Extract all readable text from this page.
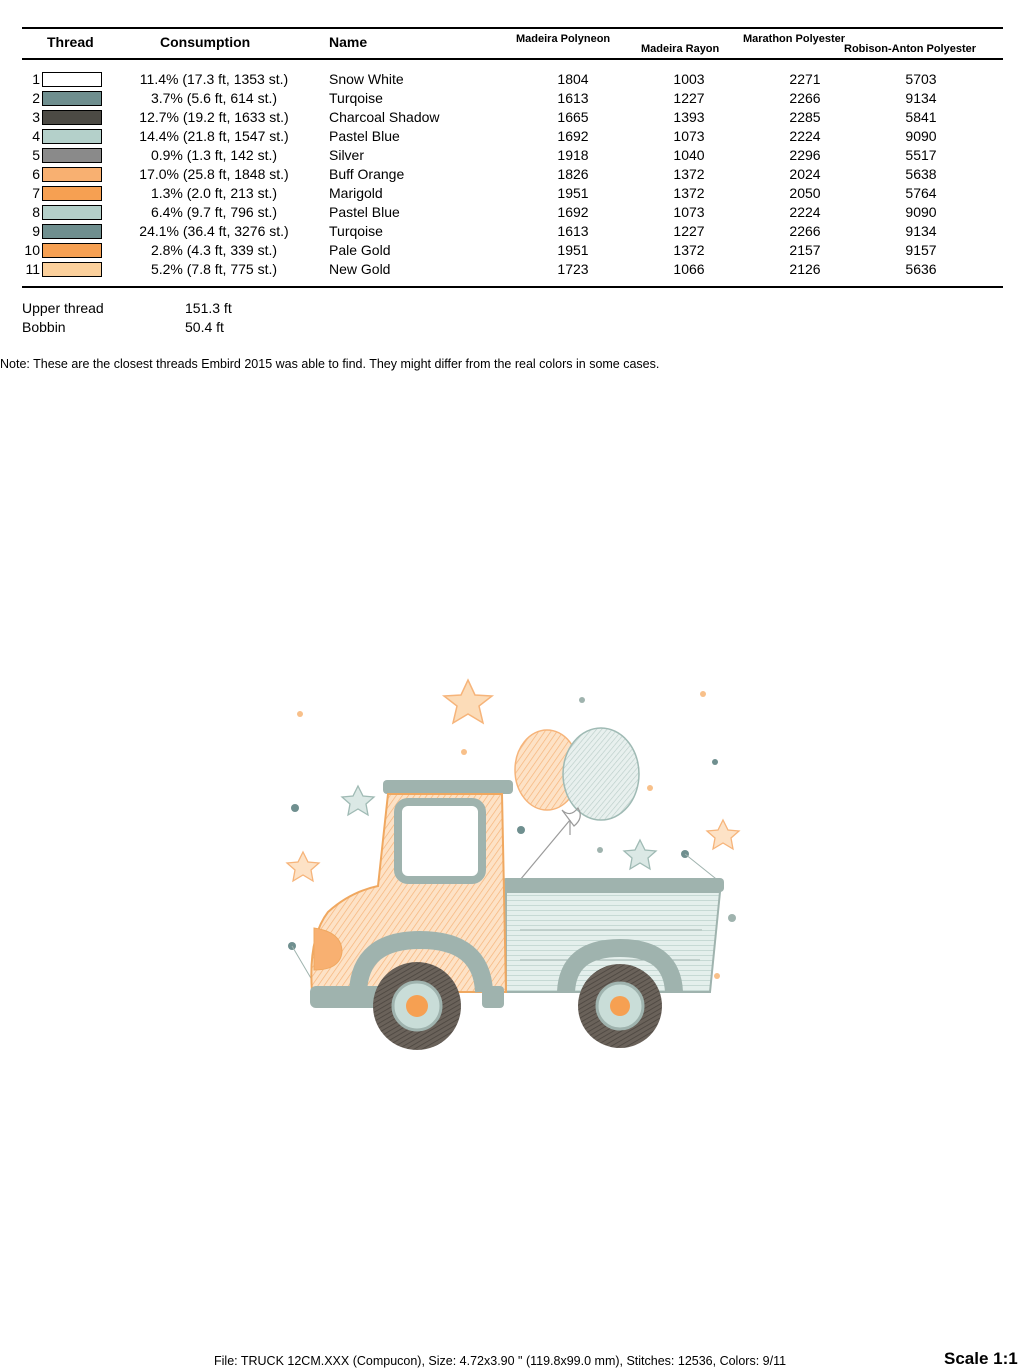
Thread	Consumption	Name	Madeira Polyneon
Madeira Rayon
Marathon Polyester
Robison-Anton Polyester
1	11.4% (17.3 ft, 1353 st.)	Snow White	1804	1003	2271	5703
2	3.7% (5.6 ft, 614 st.)	Turqoise	1613	1227	2266	9134
3	12.7% (19.2 ft, 1633 st.)	Charcoal Shadow	1665	1393	2285	5841
4	14.4% (21.8 ft, 1547 st.)	Pastel Blue	1692	1073	2224	9090
5	0.9% (1.3 ft, 142 st.)	Silver	1918	1040	2296	5517
6	17.0% (25.8 ft, 1848 st.)	Buff Orange	1826	1372	2024	5638
7	1.3% (2.0 ft, 213 st.)	Marigold	1951	1372	2050	5764
8	6.4% (9.7 ft, 796 st.)	Pastel Blue	1692	1073	2224	9090
9	24.1% (36.4 ft, 3276 st.)	Turqoise	1613	1227	2266	9134
10	2.8% (4.3 ft, 339 st.)	Pale Gold	1951	1372	2157	9157
11	5.2% (7.8 ft, 775 st.)	New Gold	1723	1066	2126	5636
Upper thread	151.3 ft
Bobbin	50.4 ft
Note: These are the closest threads Embird 2015 was able to find. They might differ from the real colors in some cases.
File: TRUCK 12CM.XXX (Compucon), Size: 4.72x3.90 " (119.8x99.0 mm), Stitches: 12536, Colors: 9/11	Scale 1:1
